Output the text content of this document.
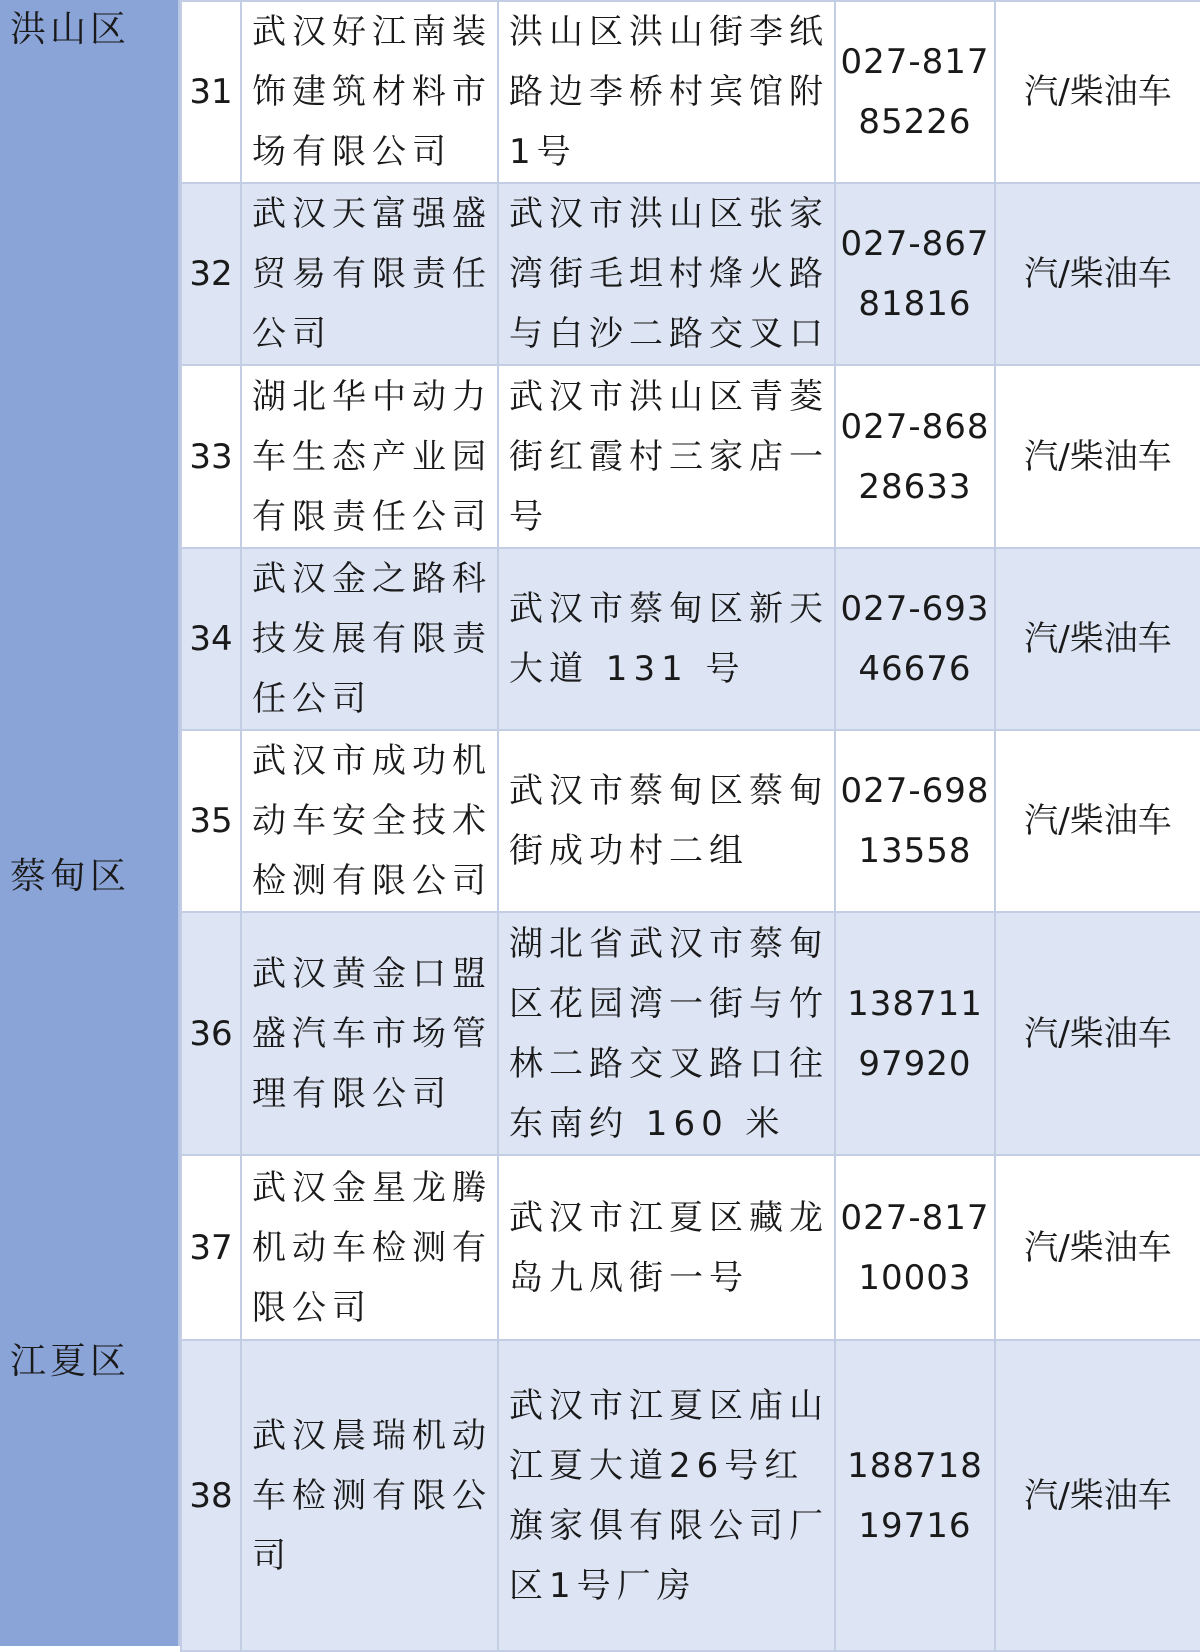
洪山区
蔡甸区
江夏区
31	武汉好江南装饰建筑材料市场有限公司	洪山区洪山街李纸路边李桥村宾馆附1号	027-81785226	汽/柴油车

32	武汉天富强盛贸易有限责任公司	武汉市洪山区张家湾街毛坦村烽火路与白沙二路交叉口	027-86781816	汽/柴油车

33	湖北华中动力车生态产业园有限责任公司	武汉市洪山区青菱街红霞村三家店一号	027-86828633	汽/柴油车

34	武汉金之路科技发展有限责任公司	武汉市蔡甸区新天大道 131 号	027-69346676	汽/柴油车

35	武汉市成功机动车安全技术检测有限公司	武汉市蔡甸区蔡甸街成功村二组	027-69813558	汽/柴油车

36	武汉黄金口盟盛汽车市场管理有限公司	湖北省武汉市蔡甸区花园湾一街与竹林二路交叉路口往东南约 160 米	13871197920	汽/柴油车

37	武汉金星龙腾机动车检测有限公司	武汉市江夏区藏龙岛九凤街一号	027-81710003	汽/柴油车

38	武汉晨瑞机动车检测有限公司	武汉市江夏区庙山江夏大道26号红旗家俱有限公司厂区1号厂房	18871819716	汽/柴油车
